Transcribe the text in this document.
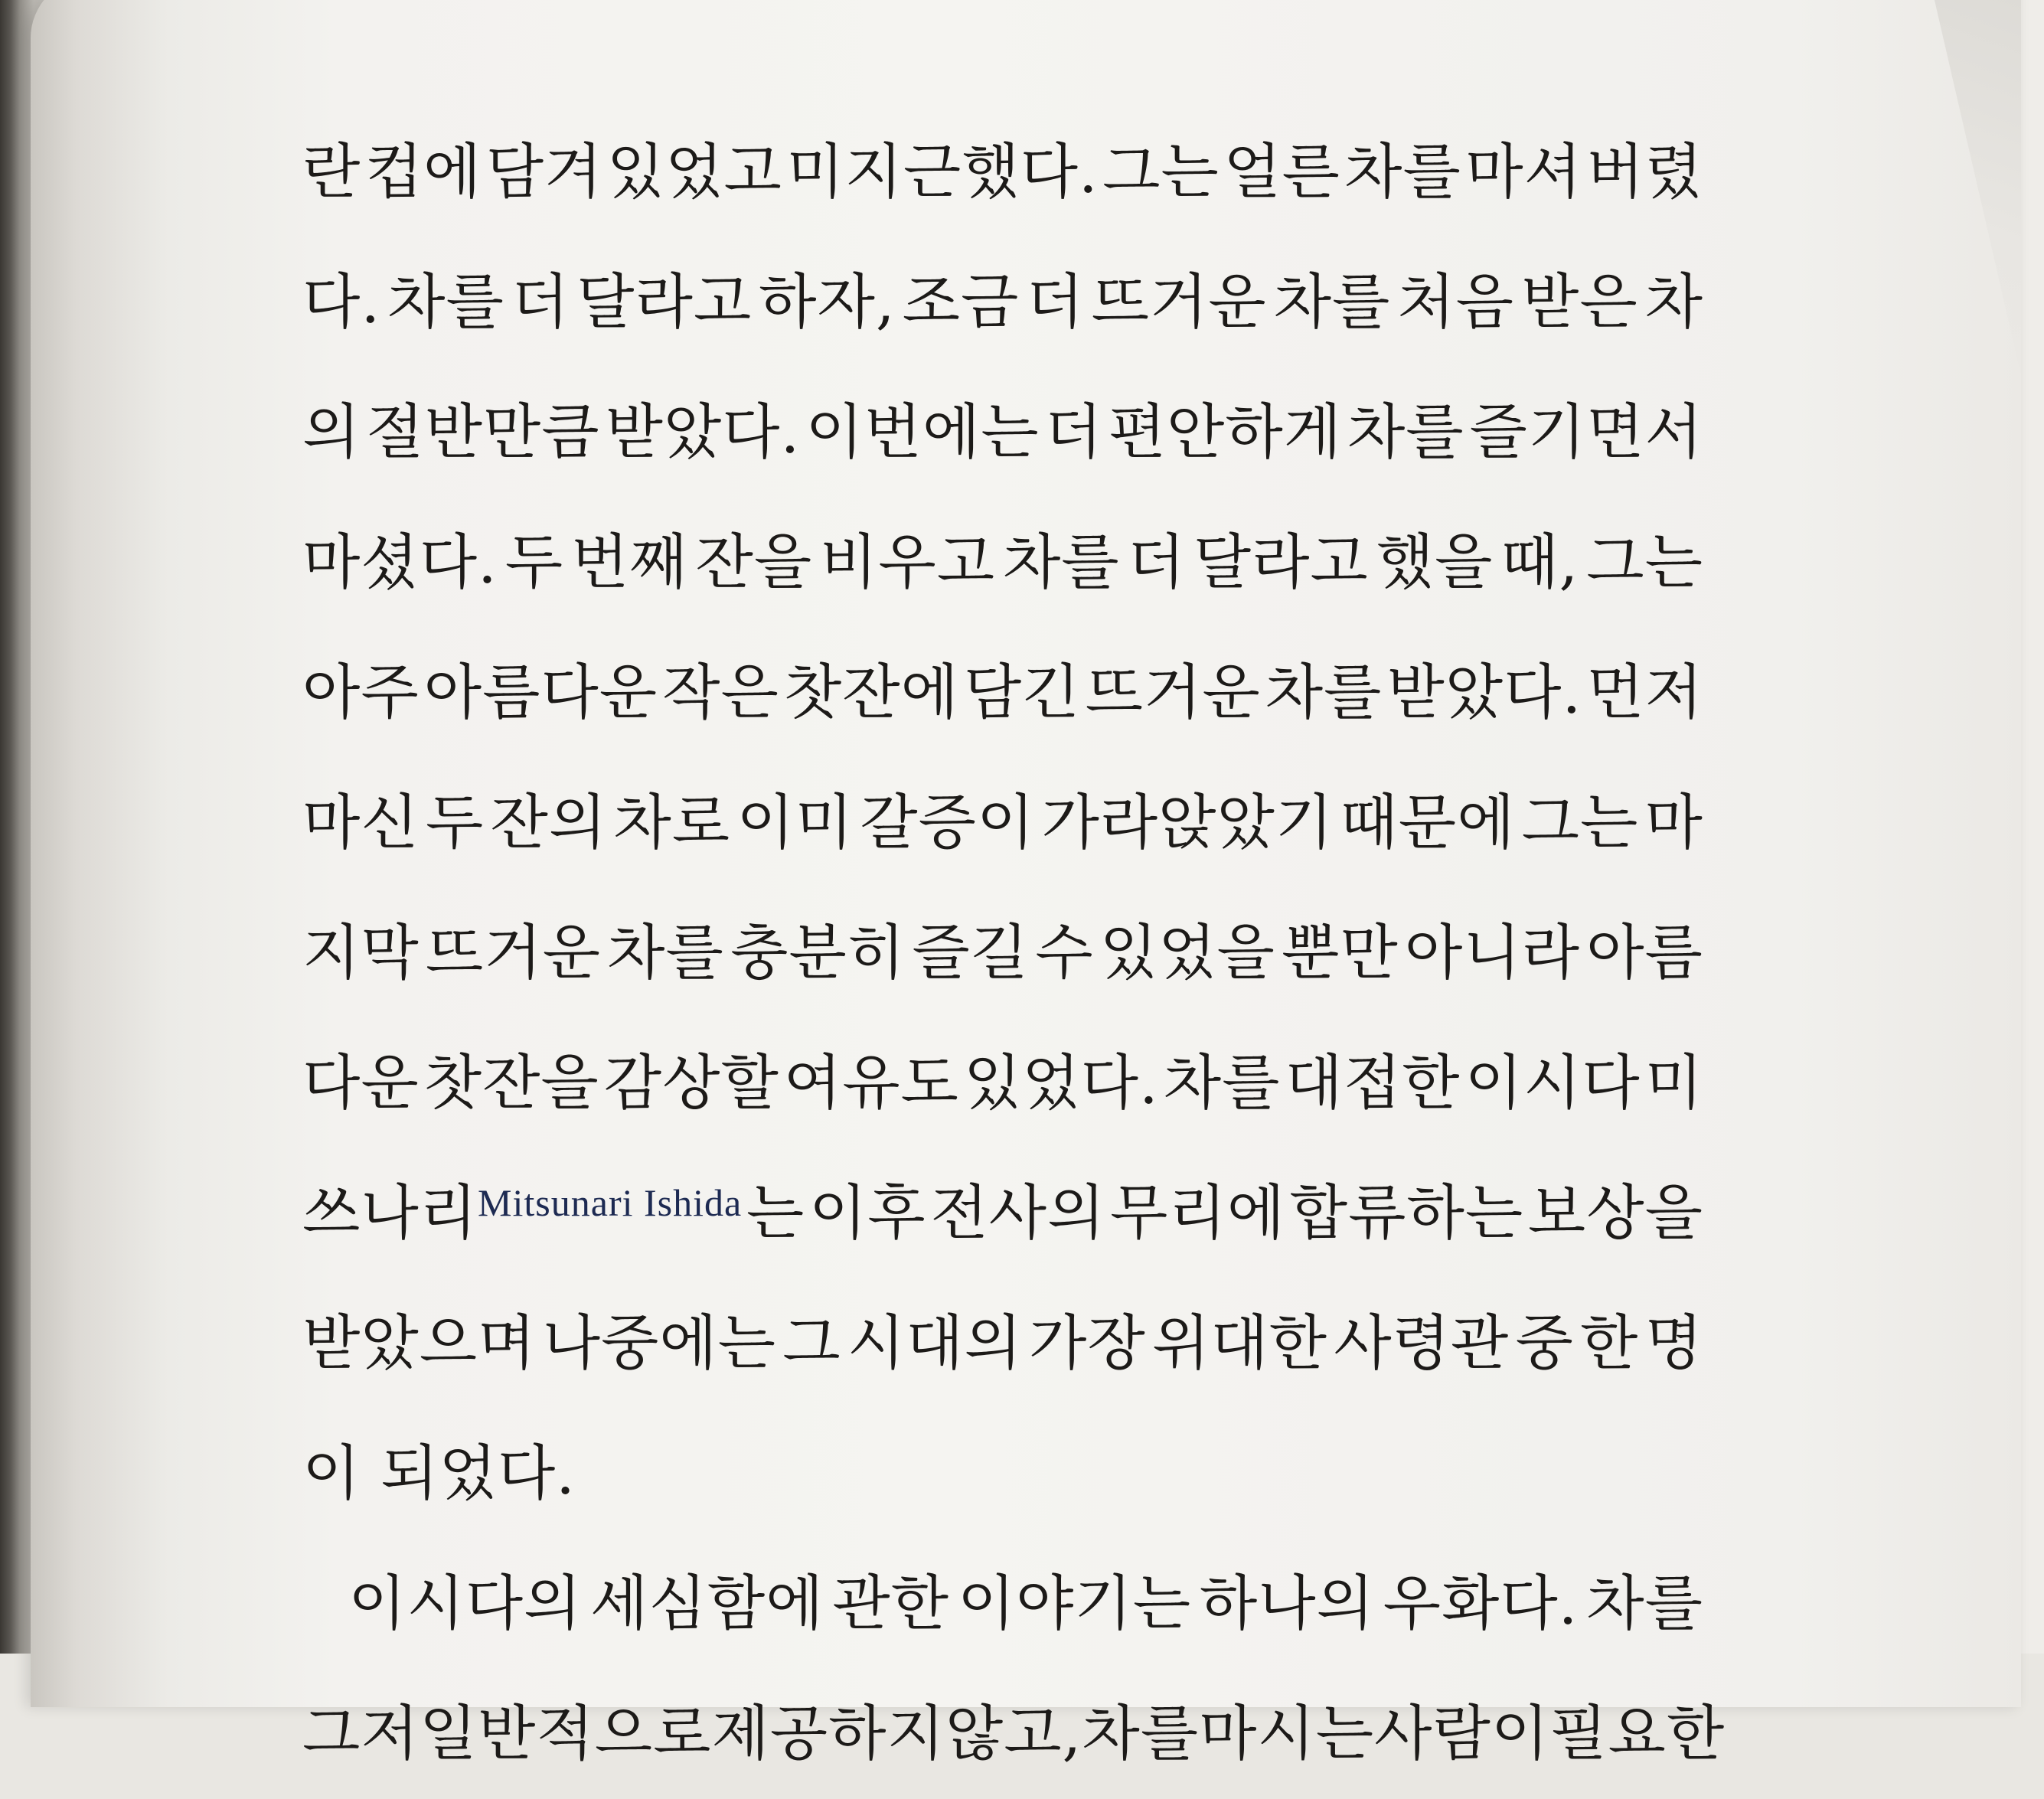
란 컵에 담겨 있었고 미지근했다. 그는 얼른 차를 마셔 버렸
다. 차를 더 달라고 하자, 조금 더 뜨거운 차를 처음 받은 차
의 절반만큼 받았다. 이번에는 더 편안하게 차를 즐기면서
마셨다. 두 번째 잔을 비우고 차를 더 달라고 했을 때, 그는
아주 아름다운 작은 찻잔에 담긴 뜨거운 차를 받았다. 먼저
마신 두 잔의 차로 이미 갈증이 가라앉았기 때문에 그는 마
지막 뜨거운 차를 충분히 즐길 수 있었을 뿐만 아니라 아름
다운 찻잔을 감상할 여유도 있었다. 차를 대접한 이시다 미
쓰나리$^{Mitsunari Ishida}$ 는 이후 전사의 무리에 합류하는 보상을
받았으며 나중에는 그 시대의 가장 위대한 사령관 중 한 명
이 되었다.
이시다의 세심함에 관한 이야기는 하나의 우화다. 차를
그저 일반적으로 제공하지 않고, 차를 마시는 사람이 필요한
